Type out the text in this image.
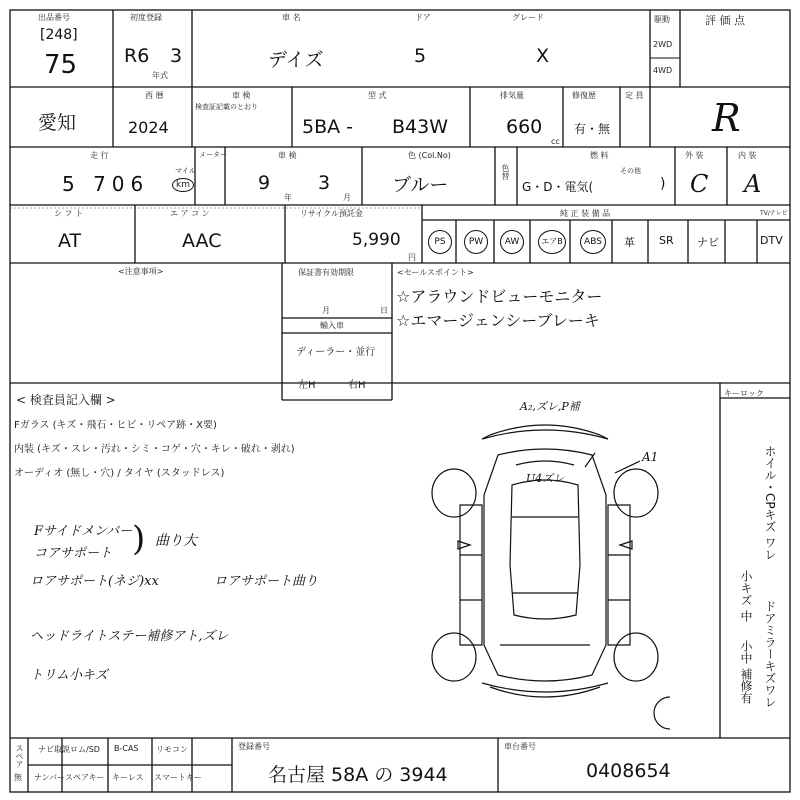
出品番号
[248]
75
初度登録
R6 3
年式
車 名
デイズ
ドア
5
グレード
X
駆動
2WD
4WD
評 価 点
R
愛知
西 暦
2024
車 検
検査証記載のとおり
型 式
5BA - B43W
排気量
660
cc
修復歴
有・無
定 員
走 行
5 706
マイル
km
メーター	車 検
9
年
3
月
色 (Col.No)
ブルー
色替
燃 料
G・D・電気(
その他
)
外 装
C
内 装
A
シ フ ト
AT
エ ア コ ン
AAC
リサイクル預託金
5,990
円
純 正 装 備 品	TV/テレビ
PS	PW	AW	エアB	ABS	革 SR ナビ	DTV
<注意事項>	保証書有効期限
月	日
輸入車
ディーラー・並行
左H	右H
<セールスポイント>
☆アラウンドビューモニター
☆エマージェンシーブレーキ
< 検査員記入欄 >
Fガラス (キズ・飛石・ヒビ・リペア跡・X要)
内装 (キズ・スレ・汚れ・シミ・コゲ・穴・キレ・破れ・剥れ)
オーディオ (無し・穴) / タイヤ (スタッドレス)
Fサイドメンバー
コアサポート ) 曲り大
ロアサポート(ネジ)xx	ロアサポート曲り
ヘッドライトステー補修アト,ズレ
トリム小キズ
A₂,ズレ,P補
U4ズレ
A1
キーロック
ホイル・CPキズ ワレ
小キズ 中
ドアミラーキズワレ
小中 補修有
スペア
無
ナビ取説 ロム/SD B-CAS リモコン
ナンバー スペアキー キーレス スマートキー
登録番号
名古屋 58A の 3944
車台番号
0408654
